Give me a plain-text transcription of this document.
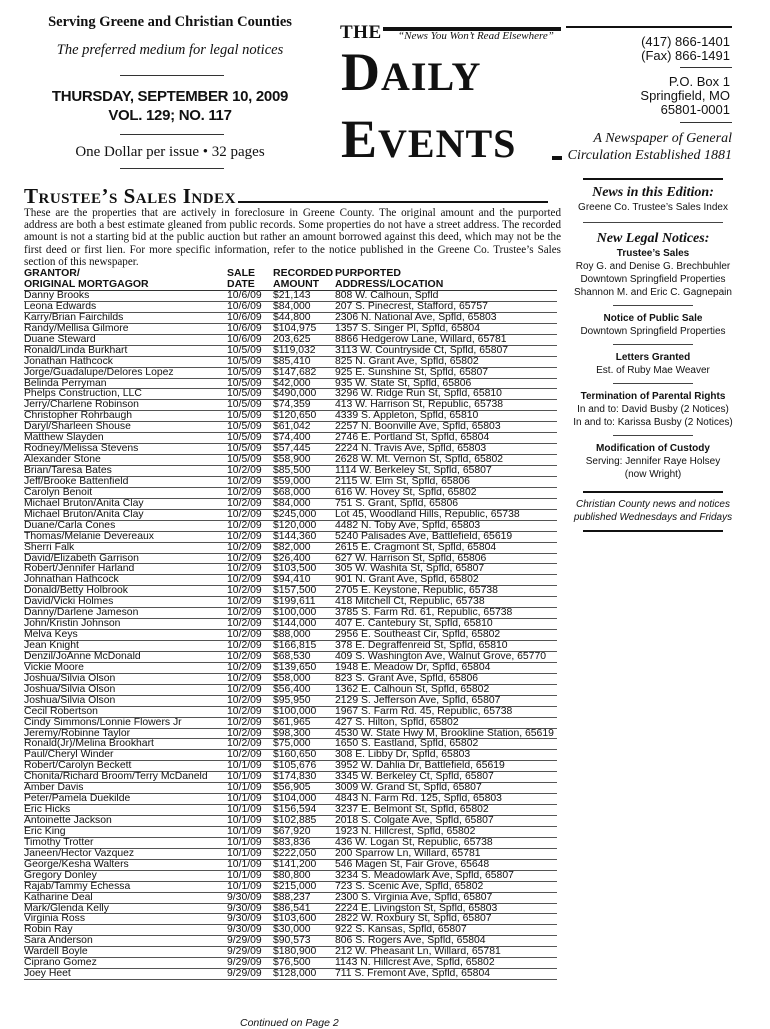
Serving Greene and Christian Counties
The preferred medium for legal notices
THURSDAY, SEPTEMBER 10, 2009
VOL. 129; NO. 117
One Dollar per issue • 32 pages
THE “News You Won’t Read Elsewhere”
DAILY
EVENTS
(417) 866-1401
(Fax) 866-1491
P.O. Box 1
Springfield, MO
65801-0001
A Newspaper of General Circulation Established 1881
Trustee’s Sales Index
These are the properties that are actively in foreclosure in Greene County. The original amount and the purported address are both a best estimate gleaned from public records. Some properties do not have a street address. The recorded amount is not a starting bid at the public auction but rather an amount borrowed against this deed, which may not be the first deed or first lien. For more specific information, refer to the notice published in the Greene Co. Trustee’s Sales section of this newspaper.
GRANTOR/	SALE	RECORDED PURPORTED
ORIGINAL MORTGAGOR	DATE	AMOUNT	ADDRESS/LOCATION
Danny Brooks	10/6/09	$21,143	808 W. Calhoun, Spfld
Leona Edwards	10/6/09	$84,000	207 S. Pinecrest, Stafford, 65757
Karry/Brian Fairchilds	10/6/09	$44,800	2306 N. National Ave, Spfld, 65803
Randy/Mellisa Gilmore	10/6/09	$104,975	1357 S. Singer Pl, Spfld, 65804
Duane Steward	10/6/09	203,625	8866 Hedgerow Lane, Willard, 65781
Ronald/Linda Burkhart	10/5/09	$119,032	3113 W. Countryside Ct, Spfld, 65807
Jonathan Hathcock	10/5/09	$85,410	825 N. Grant Ave, Spfld, 65802
Jorge/Guadalupe/Delores Lopez	10/5/09	$147,682	925 E. Sunshine St, Spfld, 65807
Belinda Perryman	10/5/09	$42,000	935 W. State St, Spfld, 65806
Phelps Construction, LLC	10/5/09	$490,000	3296 W. Ridge Run St, Spfld, 65810
Jerry/Charlene Robinson	10/5/09	$74,359	413 W. Harrison St, Republic, 65738
Christopher Rohrbaugh	10/5/09	$120,650	4339 S. Appleton, Spfld, 65810
Daryl/Sharleen Shouse	10/5/09	$61,042	2257 N. Boonville Ave, Spfld, 65803
Matthew Slayden	10/5/09	$74,400	2746 E. Portland St, Spfld, 65804
Rodney/Melissa Stevens	10/5/09	$57,445	2224 N. Travis Ave, Spfld, 65803
Alexander Stone	10/5/09	$58,900	2628 W. Mt. Vernon St, Spfld, 65802
Brian/Taresa Bates	10/2/09	$85,500	1114 W. Berkeley St, Spfld, 65807
Jeff/Brooke Battenfield	10/2/09	$59,000	2115 W. Elm St, Spfld, 65806
Carolyn Benoit	10/2/09	$68,000	616 W. Hovey St, Spfld, 65802
Michael Bruton/Anita Clay	10/2/09	$84,000	751 S. Grant, Spfld, 65806
Michael Bruton/Anita Clay	10/2/09	$245,000	Lot 45, Woodland Hills, Republic, 65738
Duane/Carla Cones	10/2/09	$120,000	4482 N. Toby Ave, Spfld, 65803
Thomas/Melanie Devereaux	10/2/09	$144,360	5240 Palisades Ave, Battlefield, 65619
Sherri Falk	10/2/09	$82,000	2615 E. Cragmont St, Spfld, 65804
David/Elizabeth Garrison	10/2/09	$26,400	627 W. Harrison St, Spfld, 65806
Robert/Jennifer Harland	10/2/09	$103,500	305 W. Washita St, Spfld, 65807
Johnathan Hathcock	10/2/09	$94,410	901 N. Grant Ave, Spfld, 65802
Donald/Betty Holbrook	10/2/09	$157,500	2705 E. Keystone, Republic, 65738
David/Vicki Holmes	10/2/09	$199,611	418 Mitchell Ct, Republic, 65738
Danny/Darlene Jameson	10/2/09	$100,000	3785 S. Farm Rd. 61, Republic, 65738
John/Kristin Johnson	10/2/09	$144,000	407 E. Cantebury St, Spfld, 65810
Melva Keys	10/2/09	$88,000	2956 E. Southeast Cir, Spfld, 65802
Jean Knight	10/2/09	$166,815	378 E. Degraffenreid St, Spfld, 65810
Denzil/JoAnne McDonald	10/2/09	$68,530	409 S. Washington Ave, Walnut Grove, 65770
Vickie Moore	10/2/09	$139,650	1948 E. Meadow Dr, Spfld, 65804
Joshua/Silvia Olson	10/2/09	$58,000	823 S. Grant Ave, Spfld, 65806
Joshua/Silvia Olson	10/2/09	$56,400	1362 E. Calhoun St, Spfld, 65802
Joshua/Silvia Olson	10/2/09	$95,950	2129 S. Jefferson Ave, Spfld, 65807
Cecil Robertson	10/2/09	$100,000	1967 S. Farm Rd. 45, Republic, 65738
Cindy Simmons/Lonnie Flowers Jr	10/2/09	$61,965	427 S. Hilton, Spfld, 65802
Jeremy/Robinne Taylor	10/2/09	$98,300	4530 W. State Hwy M, Brookline Station, 65619
Ronald(Jr)/Melina Brookhart	10/2/09	$75,000	1650 S. Eastland, Spfld, 65802
Paul/Cheryl Winder	10/2/09	$160,650	308 E. Libby Dr, Spfld, 65803
Robert/Carolyn Beckett	10/1/09	$105,676	3952 W. Dahlia Dr, Battlefield, 65619
Chonita/Richard Broom/Terry McDaneld	10/1/09	$174,830	3345 W. Berkeley Ct, Spfld, 65807
Amber Davis	10/1/09	$56,905	3009 W. Grand St, Spfld, 65807
Peter/Pamela Duekilde	10/1/09	$104,000	4843 N. Farm Rd. 125, Spfld, 65803
Eric Hicks	10/1/09	$156,594	3237 E. Belmont St, Spfld, 65802
Antoinette Jackson	10/1/09	$102,885	2018 S. Colgate Ave, Spfld, 65807
Eric King	10/1/09	$67,920	1923 N. Hillcrest, Spfld, 65802
Timothy Trotter	10/1/09	$83,836	436 W. Logan St, Republic, 65738
Janeen/Hector Vazquez	10/1/09	$222,050	200 Sparrow Ln, Willard, 65781
George/Kesha Walters	10/1/09	$141,200	546 Magen St, Fair Grove, 65648
Gregory Donley	10/1/09	$80,800	3234 S. Meadowlark Ave, Spfld, 65807
Rajab/Tammy Echessa	10/1/09	$215,000	723 S. Scenic Ave, Spfld, 65802
Katharine Deal	9/30/09	$88,237	2300 S. Virginia Ave, Spfld, 65807
Mark/Glenda Kelly	9/30/09	$86,541	2224 E. Livingston St, Spfld, 65803
Virginia Ross	9/30/09	$103,600	2822 W. Roxbury St, Spfld, 65807
Robin Ray	9/30/09	$30,000	922 S. Kansas, Spfld, 65807
Sara Anderson	9/29/09	$90,573	806 S. Rogers Ave, Spfld, 65804
Wardell Boyle	9/29/09	$180,900	212 W. Pheasant Ln, Willard, 65781
Ciprano Gomez	9/29/09	$76,500	1143 N. Hillcrest Ave, Spfld, 65802
Joey Heet	9/29/09	$128,000	711 S. Fremont Ave, Spfld, 65804
Continued on Page 2
News in this Edition:
Greene Co. Trustee’s Sales Index
New Legal Notices:
Trustee’s Sales
Roy G. and Denise G. Brechbuhler
Downtown Springfield Properties
Shannon M. and Eric C. Gagnepain
Notice of Public Sale
Downtown Springfield Properties
Letters Granted
Est. of Ruby Mae Weaver
Termination of Parental Rights
In and to: David Busby (2 Notices)
In and to: Karissa Busby (2 Notices)
Modification of Custody
Serving: Jennifer Raye Holsey
(now Wright)
Christian County news and notices published Wednesdays and Fridays
